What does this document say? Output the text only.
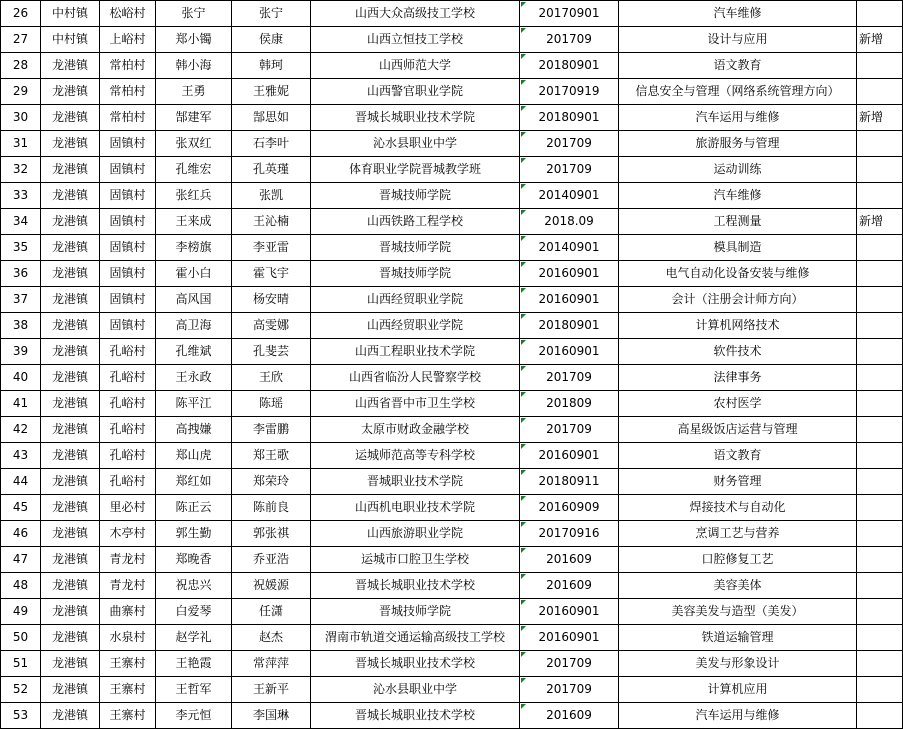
26	中村镇	松峪村	张宁	张宁	山西大众高级技工学校	20170901	汽车维修	
27	中村镇	上峪村	郑小镯	侯康	山西立恒技工学校	201709	设计与应用	新增
28	龙港镇	常柏村	韩小海	韩珂	山西师范大学	20180901	语文教育	
29	龙港镇	常柏村	王勇	王雅妮	山西警官职业学院	20170919	信息安全与管理（网络系统管理方向）	
30	龙港镇	常柏村	郜建军	郜思如	晋城长城职业技术学院	20180901	汽车运用与维修	新增
31	龙港镇	固镇村	张双红	石李叶	沁水县职业中学	201709	旅游服务与管理	
32	龙港镇	固镇村	孔维宏	孔英瑾	体育职业学院晋城教学班	201709	运动训练	
33	龙港镇	固镇村	张红兵	张凯	晋城技师学院	20140901	汽车维修	
34	龙港镇	固镇村	王来成	王沁楠	山西铁路工程学校	2018.09	工程测量	新增
35	龙港镇	固镇村	李榜旗	李亚雷	晋城技师学院	20140901	模具制造	
36	龙港镇	固镇村	霍小白	霍飞宇	晋城技师学院	20160901	电气自动化设备安装与维修	
37	龙港镇	固镇村	高风国	杨安晴	山西经贸职业学院	20160901	会计（注册会计师方向）	
38	龙港镇	固镇村	高卫海	高雯娜	山西经贸职业学院	20180901	计算机网络技术	
39	龙港镇	孔峪村	孔维斌	孔斐芸	山西工程职业技术学院	20160901	软件技术	
40	龙港镇	孔峪村	王永政	王欣	山西省临汾人民警察学校	201709	法律事务	
41	龙港镇	孔峪村	陈平江	陈瑶	山西省晋中市卫生学校	201809	农村医学	
42	龙港镇	孔峪村	高拽嫌	李雷鹏	太原市财政金融学校	201709	高星级饭店运营与管理	
43	龙港镇	孔峪村	郑山虎	郑王歌	运城师范高等专科学校	20160901	语文教育	
44	龙港镇	孔峪村	郑红如	郑荣玲	晋城职业技术学院	20180911	财务管理	
45	龙港镇	里必村	陈正云	陈前良	山西机电职业技术学院	20160909	焊接技术与自动化	
46	龙港镇	木亭村	郭生勤	郭张祺	山西旅游职业学院	20170916	烹调工艺与营养	
47	龙港镇	青龙村	郑晚香	乔亚浩	运城市口腔卫生学校	201609	口腔修复工艺	
48	龙港镇	青龙村	祝忠兴	祝媛源	晋城长城职业技术学校	201609	美容美体	
49	龙港镇	曲寨村	白爱琴	任潇	晋城技师学院	20160901	美容美发与造型（美发）	
50	龙港镇	水泉村	赵学礼	赵杰	渭南市轨道交通运输高级技工学校	20160901	铁道运输管理	
51	龙港镇	王寨村	王艳霞	常萍萍	晋城长城职业技术学校	201709	美发与形象设计	
52	龙港镇	王寨村	王哲军	王新平	沁水县职业中学	201709	计算机应用	
53	龙港镇	王寨村	李元恒	李国琳	晋城长城职业技术学校	201609	汽车运用与维修	
